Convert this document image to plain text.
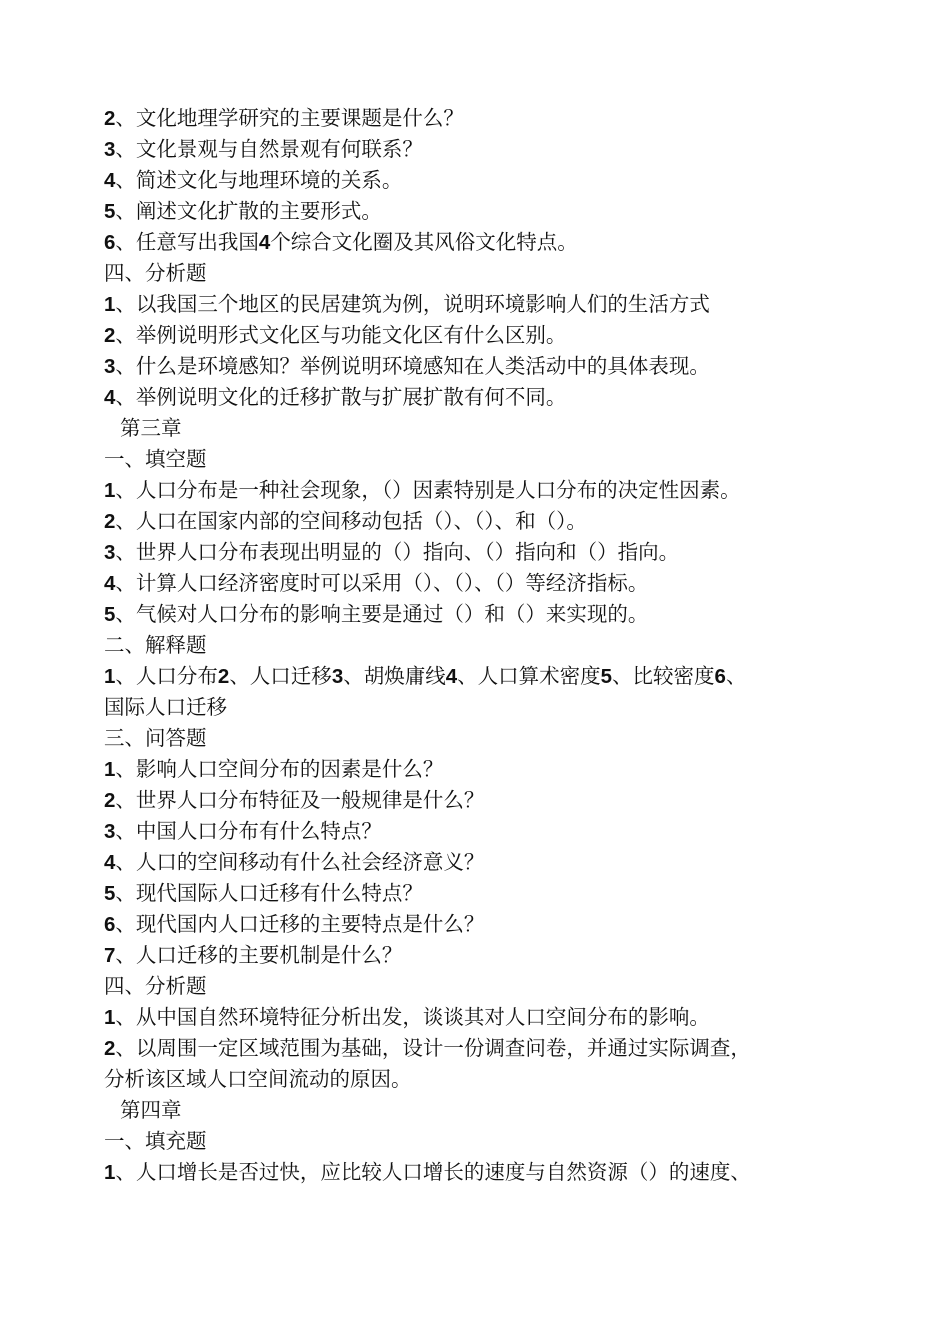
2、文化地理学研究的主要课题是什么？
3、文化景观与自然景观有何联系？
4、简述文化与地理环境的关系。
5、阐述文化扩散的主要形式。
6、任意写出我国4个综合文化圈及其风俗文化特点。
四、分析题
1、以我国三个地区的民居建筑为例，说明环境影响人们的生活方式
2、举例说明形式文化区与功能文化区有什么区别。
3、什么是环境感知？举例说明环境感知在人类活动中的具体表现。
4、举例说明文化的迁移扩散与扩展扩散有何不同。
第三章
一、填空题
1、人口分布是一种社会现象，（）因素特别是人口分布的决定性因素。
2、人口在国家内部的空间移动包括（）、（）、和（）。
3、世界人口分布表现出明显的（）指向、（）指向和（）指向。
4、计算人口经济密度时可以采用（）、（）、（）等经济指标。
5、气候对人口分布的影响主要是通过（）和（）来实现的。
二、解释题
1、人口分布2、人口迁移3、胡焕庸线4、人口算术密度5、比较密度6、
国际人口迁移
三、问答题
1、影响人口空间分布的因素是什么？
2、世界人口分布特征及一般规律是什么？
3、中国人口分布有什么特点？
4、人口的空间移动有什么社会经济意义？
5、现代国际人口迁移有什么特点？
6、现代国内人口迁移的主要特点是什么？
7、人口迁移的主要机制是什么？
四、分析题
1、从中国自然环境特征分析出发，谈谈其对人口空间分布的影响。
2、以周围一定区域范围为基础，设计一份调查问卷，并通过实际调查，
分析该区域人口空间流动的原因。
第四章
一、填充题
1、人口增长是否过快，应比较人口增长的速度与自然资源（）的速度、
